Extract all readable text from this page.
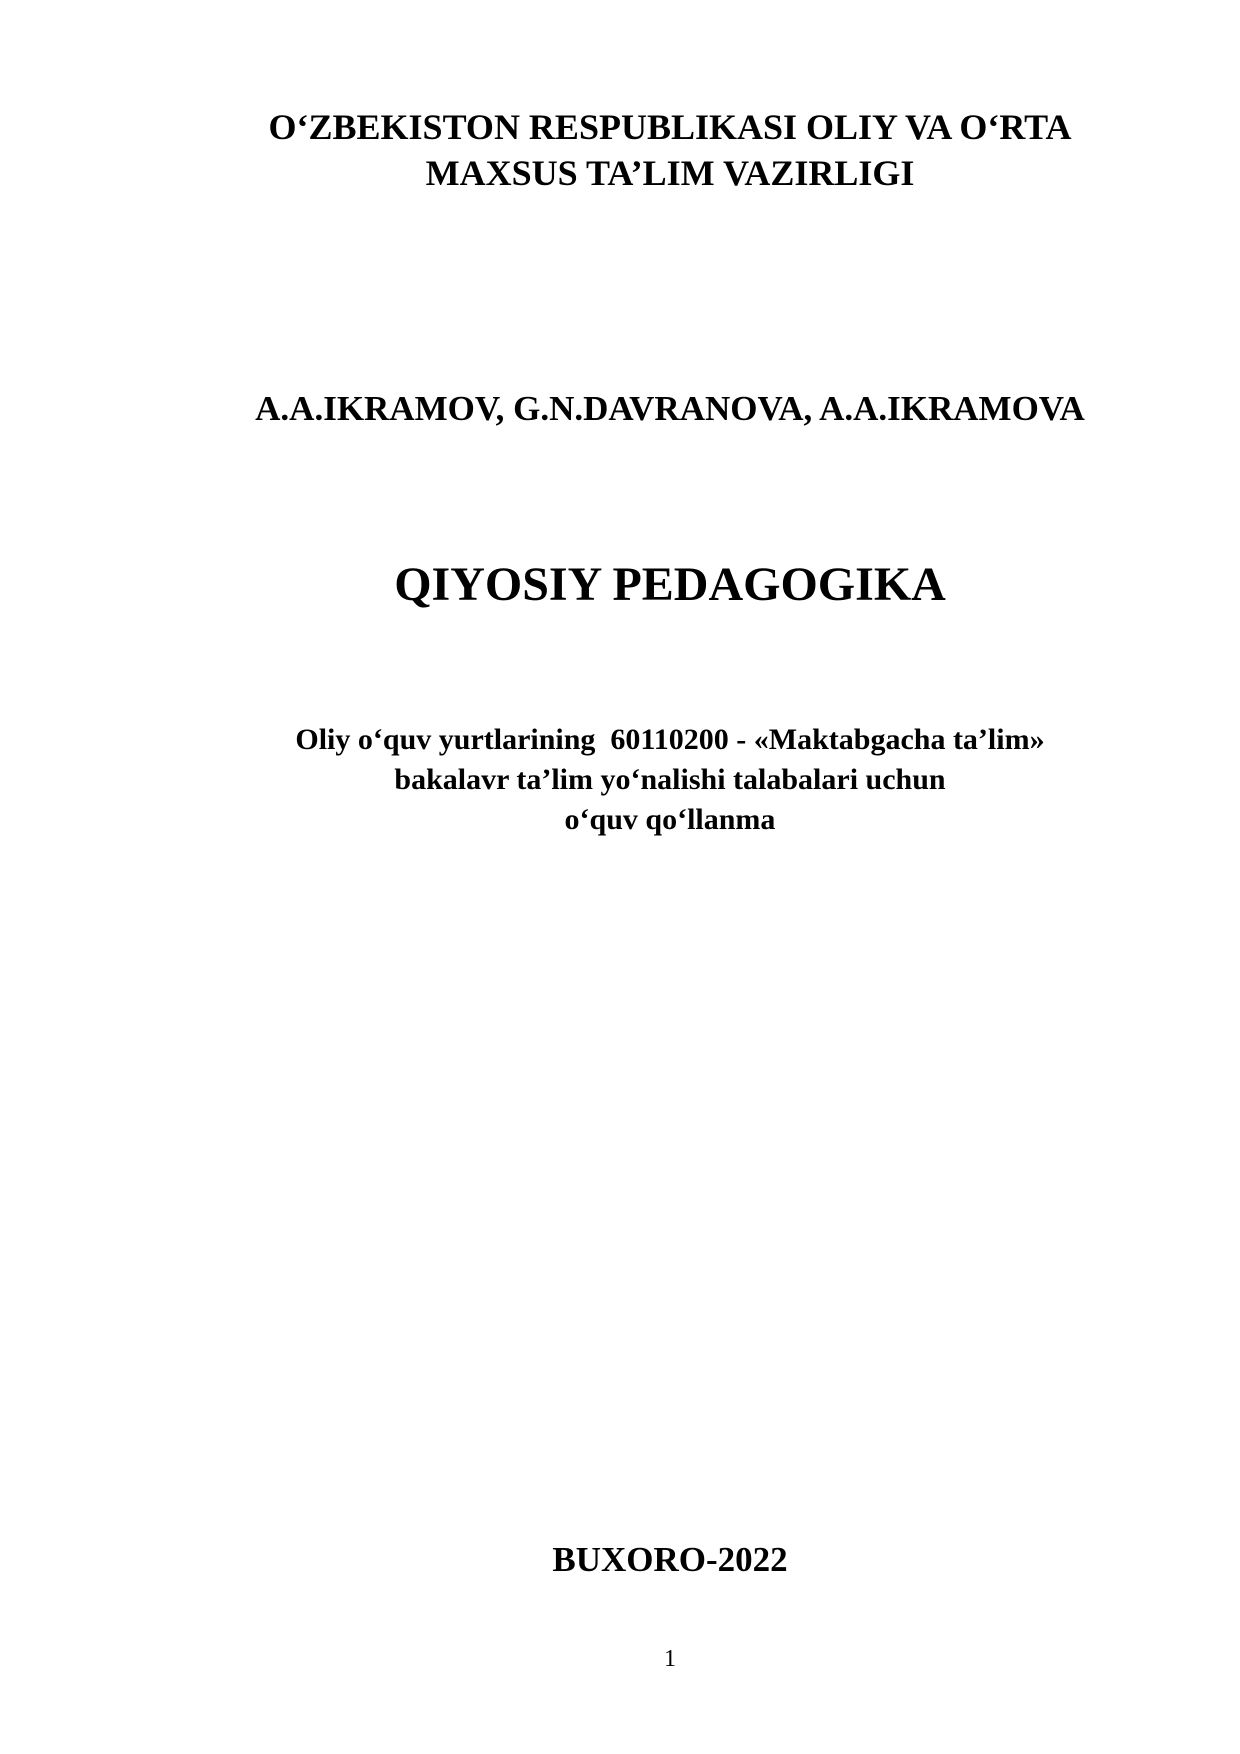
O‘ZBEKISTON RESPUBLIKASI OLIY VA O‘RTA
MAXSUS TA’LIM VAZIRLIGI
A.A.IKRAMOV, G.N.DAVRANOVA, A.A.IKRAMOVA
QIYOSIY PEDAGOGIKA
Oliy o‘quv yurtlarining  60110200 - «Maktabgacha ta’lim»
bakalavr ta’lim yo‘nalishi talabalari uchun
o‘quv qo‘llanma
BUXORO-2022
1
